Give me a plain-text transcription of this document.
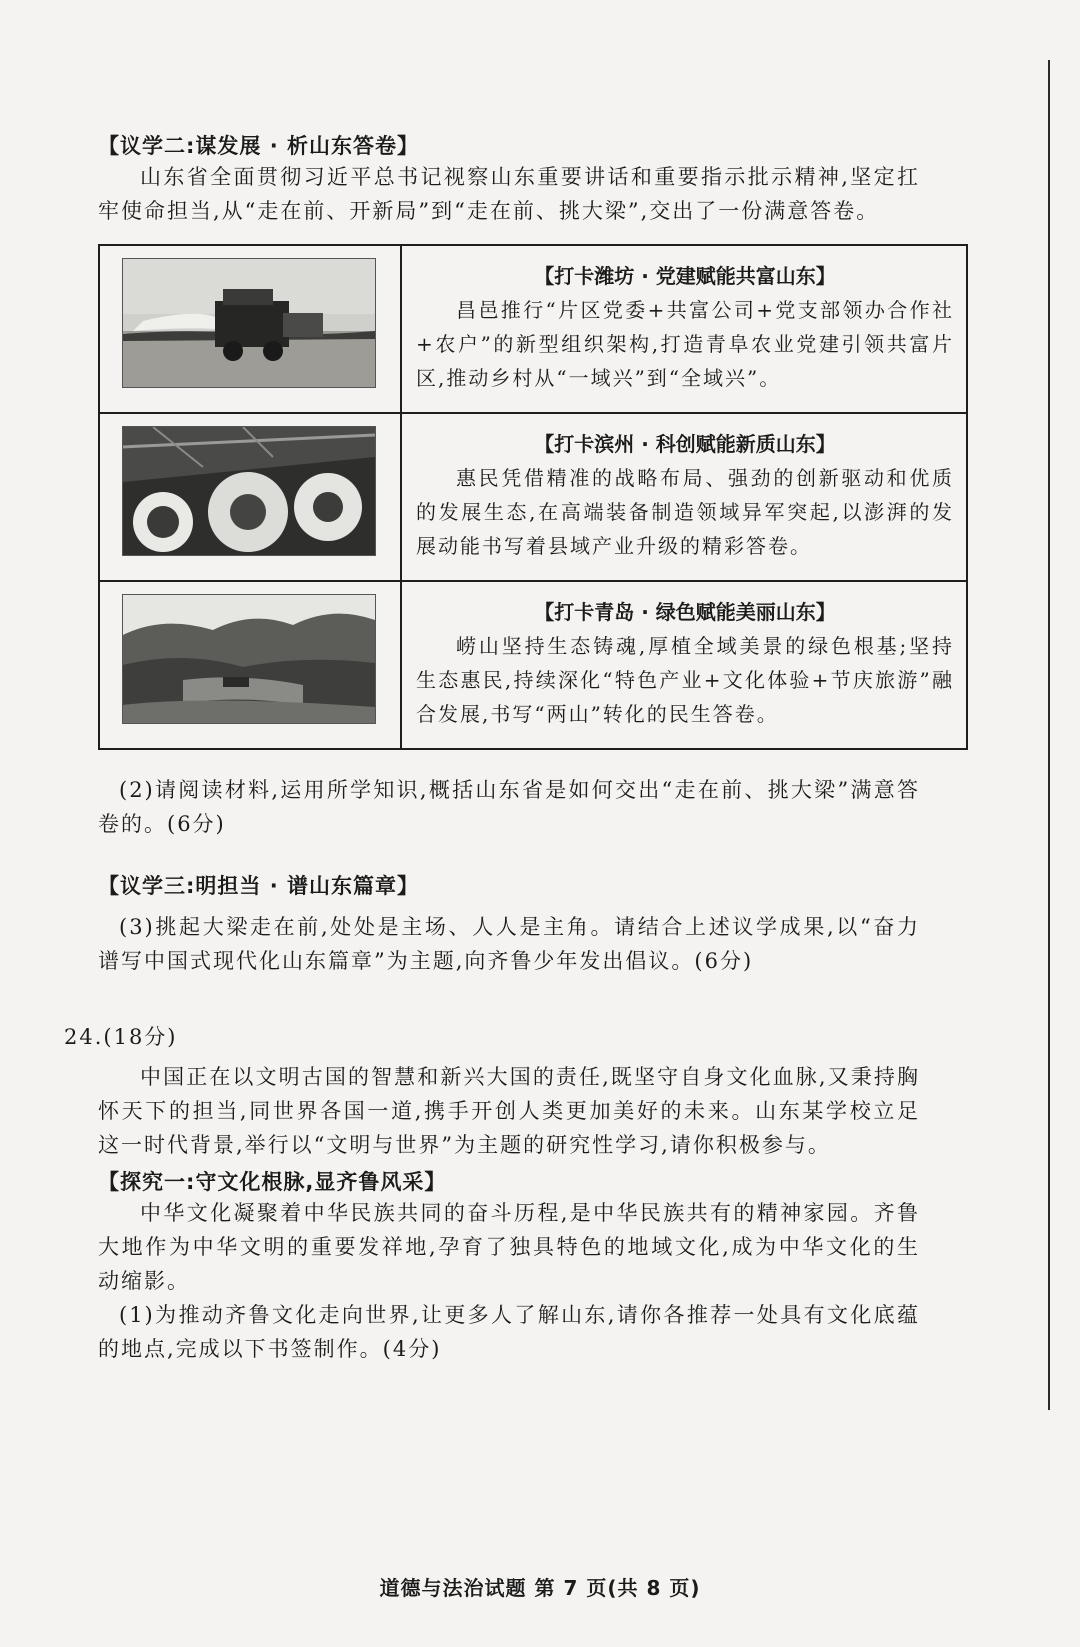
【议学二:谋发展 · 析山东答卷】
山东省全面贯彻习近平总书记视察山东重要讲话和重要指示批示精神,坚定扛牢使命担当,从“走在前、开新局”到“走在前、挑大梁”,交出了一份满意答卷。

【打卡潍坊 · 党建赋能共富山东】
昌邑推行“片区党委+共富公司+党支部领办合作社+农户”的新型组织架构,打造青阜农业党建引领共富片区,推动乡村从“一域兴”到“全域兴”。

【打卡滨州 · 科创赋能新质山东】
惠民凭借精准的战略布局、强劲的创新驱动和优质的发展生态,在高端装备制造领域异军突起,以澎湃的发展动能书写着县域产业升级的精彩答卷。

【打卡青岛 · 绿色赋能美丽山东】
崂山坚持生态铸魂,厚植全域美景的绿色根基;坚持生态惠民,持续深化“特色产业+文化体验+节庆旅游”融合发展,书写“两山”转化的民生答卷。
(2)请阅读材料,运用所学知识,概括山东省是如何交出“走在前、挑大梁”满意答卷的。(6分)
【议学三:明担当 · 谱山东篇章】
(3)挑起大梁走在前,处处是主场、人人是主角。请结合上述议学成果,以“奋力谱写中国式现代化山东篇章”为主题,向齐鲁少年发出倡议。(6分)
24.(18分)
中国正在以文明古国的智慧和新兴大国的责任,既坚守自身文化血脉,又秉持胸怀天下的担当,同世界各国一道,携手开创人类更加美好的未来。山东某学校立足这一时代背景,举行以“文明与世界”为主题的研究性学习,请你积极参与。
【探究一:守文化根脉,显齐鲁风采】
中华文化凝聚着中华民族共同的奋斗历程,是中华民族共有的精神家园。齐鲁大地作为中华文明的重要发祥地,孕育了独具特色的地域文化,成为中华文化的生动缩影。
(1)为推动齐鲁文化走向世界,让更多人了解山东,请你各推荐一处具有文化底蕴的地点,完成以下书签制作。(4分)
道德与法治试题 第 7 页(共 8 页)
